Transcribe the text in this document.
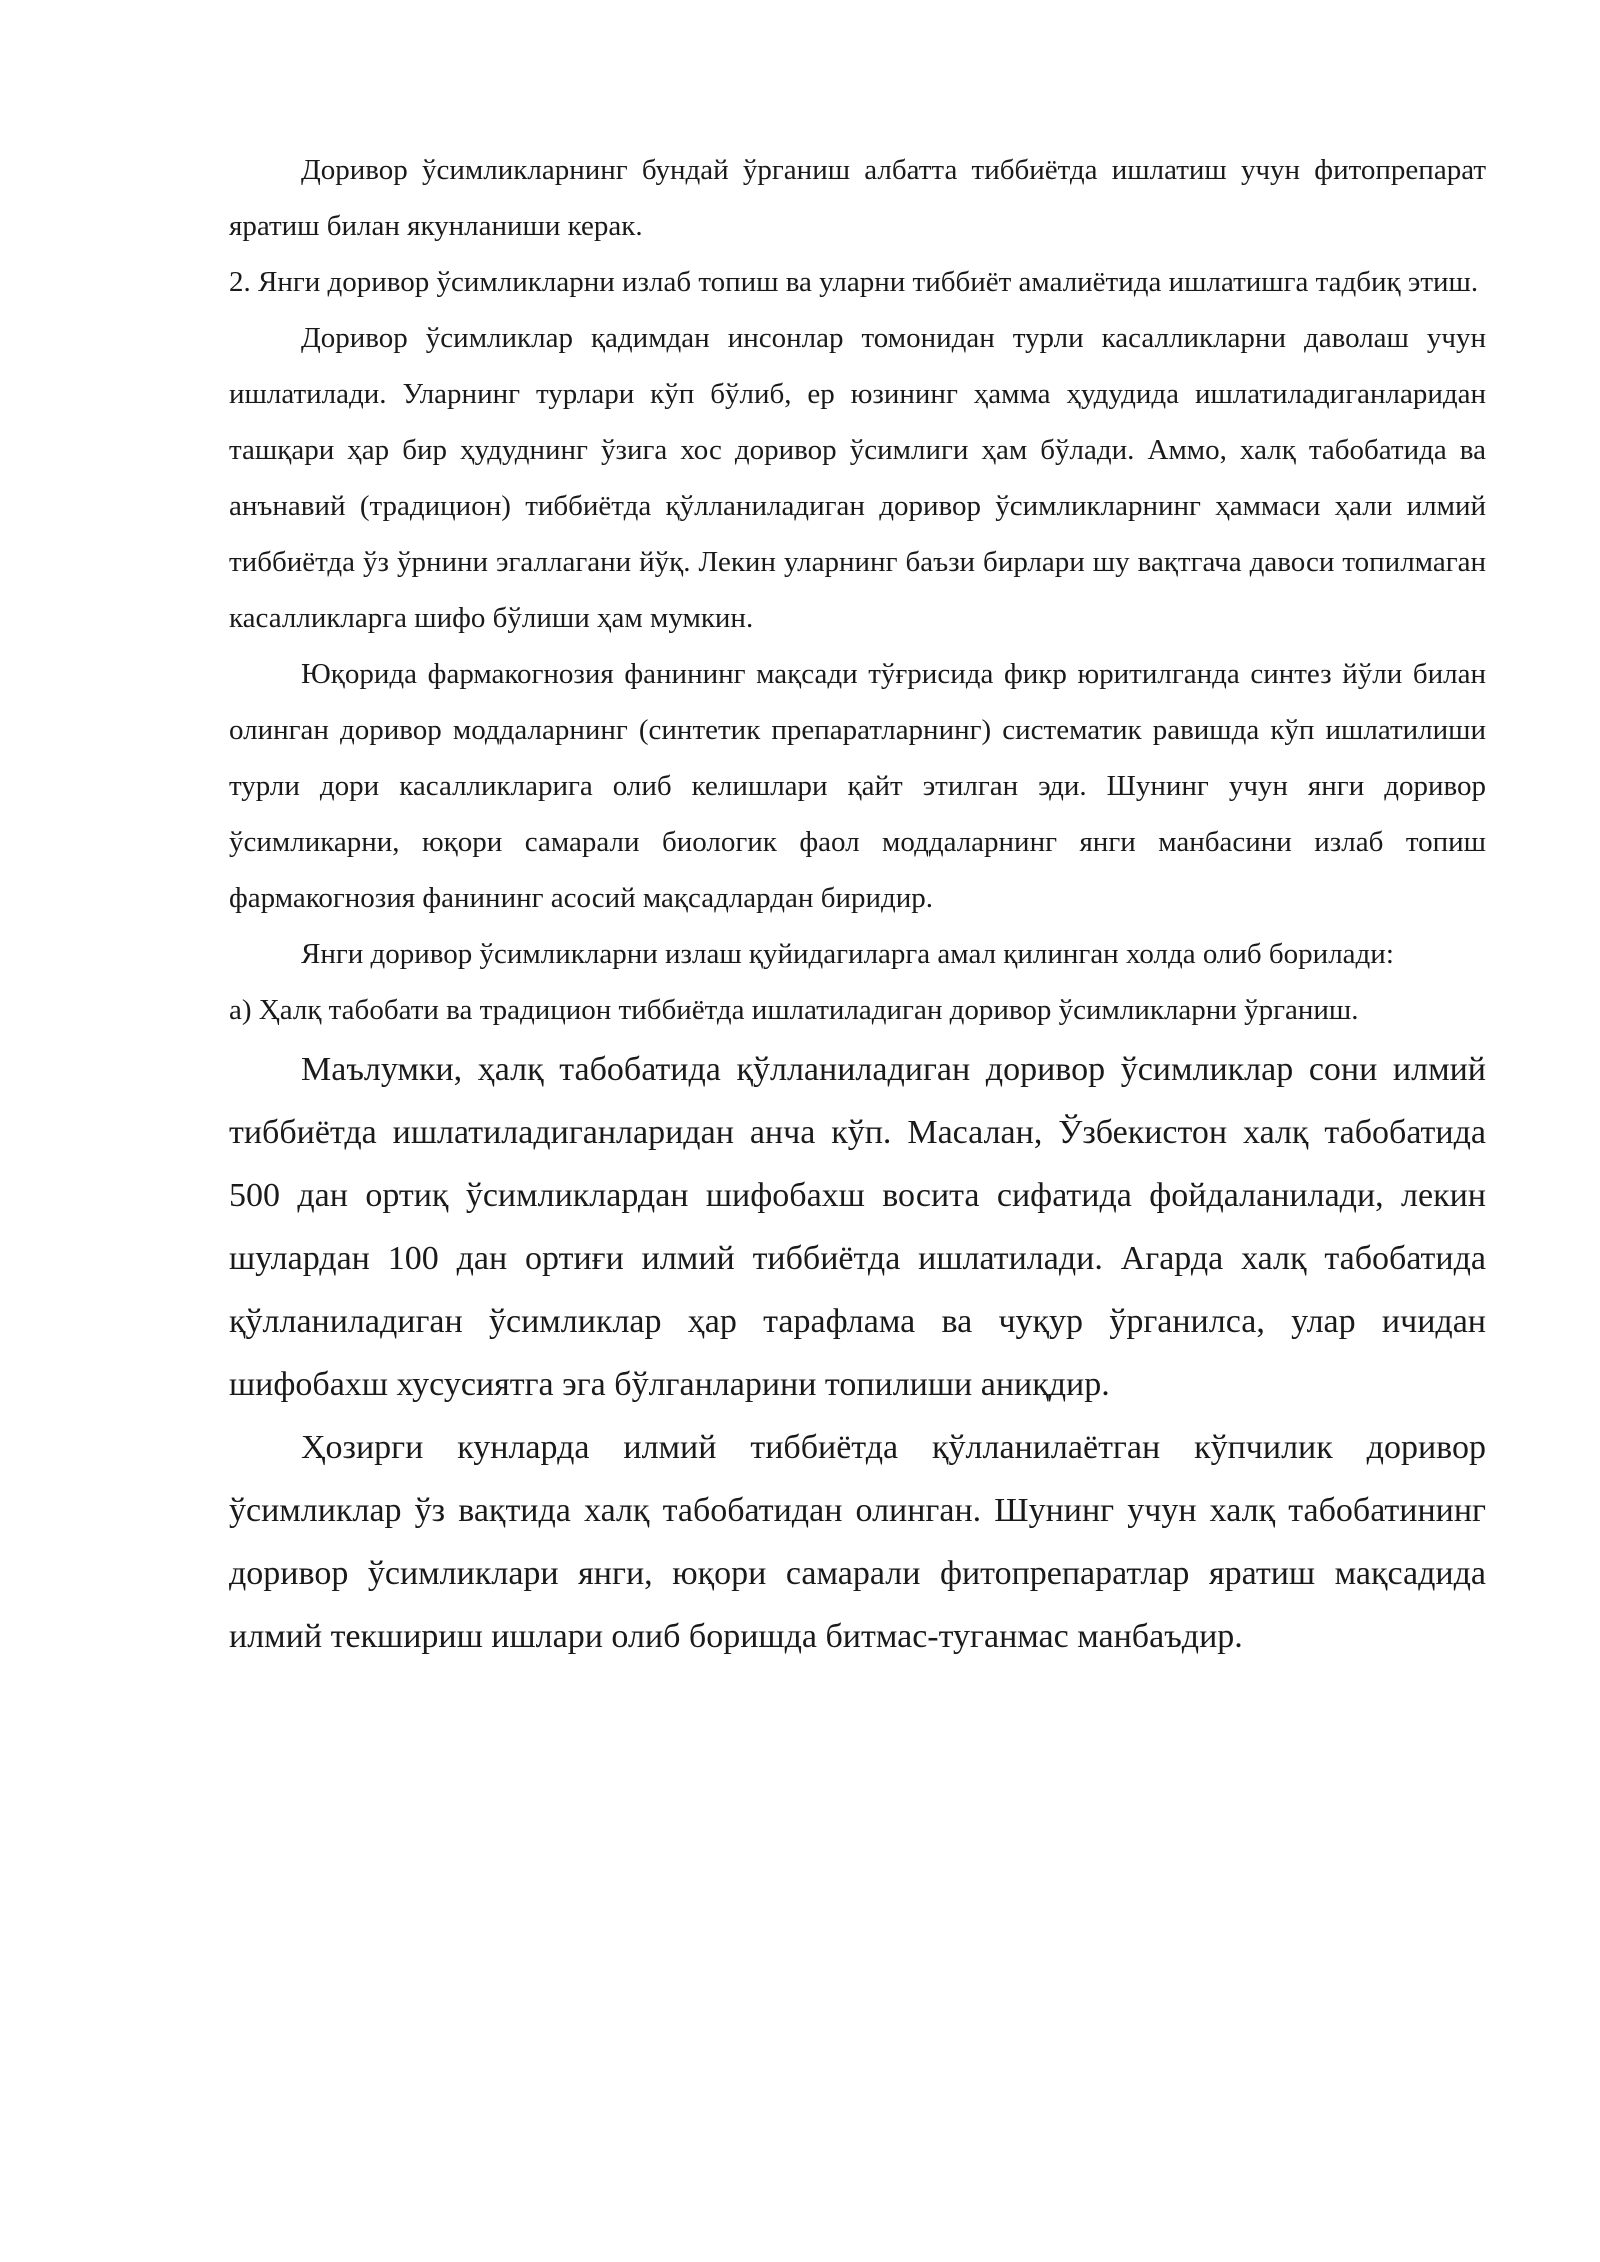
Доривор ўсимликларнинг бундай ўрганиш албатта тиббиётда ишлатиш учун фитопрепарат яратиш билан якунланиши керак.

2. Янги доривор ўсимликларни излаб топиш ва уларни тиббиёт амалиётида ишлатишга тадбиқ этиш.

Доривор ўсимликлар қадимдан инсонлар томонидан турли касалликларни даволаш учун ишлатилади. Уларнинг турлари кўп бўлиб, ер юзининг ҳамма ҳудудида ишлатиладиганларидан ташқари ҳар бир ҳудуднинг ўзига хос доривор ўсимлиги ҳам бўлади. Аммо, халқ табобатида ва анънавий (традицион) тиббиётда қўлланиладиган доривор ўсимликларнинг ҳаммаси ҳали илмий тиббиётда ўз ўрнини эгаллагани йўқ. Лекин уларнинг баъзи бирлари шу вақтгача давоси топилмаган касалликларга шифо бўлиши ҳам мумкин.

Юқорида фармакогнозия фанининг мақсади тўғрисида фикр юритилганда синтез йўли билан олинган доривор моддаларнинг (синтетик препаратларнинг) систематик равишда кўп ишлатилиши турли дори касалликларига олиб келишлари қайт этилган эди. Шунинг учун янги доривор ўсимликарни, юқори самарали биологик фаол моддаларнинг янги манбасини излаб топиш фармакогнозия фанининг асосий мақсадлардан биридир.

Янги доривор ўсимликларни излаш қуйидагиларга амал қилинган холда олиб борилади:

а) Ҳалқ табобати ва традицион тиббиётда ишлатиладиган доривор ўсимликларни ўрганиш.

Маълумки, ҳалқ табобатида қўлланиладиган доривор ўсимликлар сони илмий тиббиётда ишлатиладиганларидан анча кўп. Масалан, Ўзбекистон халқ табобатида 500 дан ортиқ ўсимликлардан шифобахш восита сифатида фойдаланилади, лекин шулардан 100 дан ортиғи илмий тиббиётда ишлатилади. Агарда халқ табобатида қўлланиладиган ўсимликлар ҳар тарафлама ва чуқур ўрганилса, улар ичидан шифобахш хусусиятга эга бўлганларини топилиши аниқдир.

Ҳозирги кунларда илмий тиббиётда қўлланилаётган кўпчилик доривор ўсимликлар ўз вақтида халқ табобатидан олинган. Шунинг учун халқ табобатининг доривор ўсимликлари янги, юқори самарали фитопрепаратлар яратиш мақсадида илмий текшириш ишлари олиб боришда битмас-туганмас манбаъдир.
